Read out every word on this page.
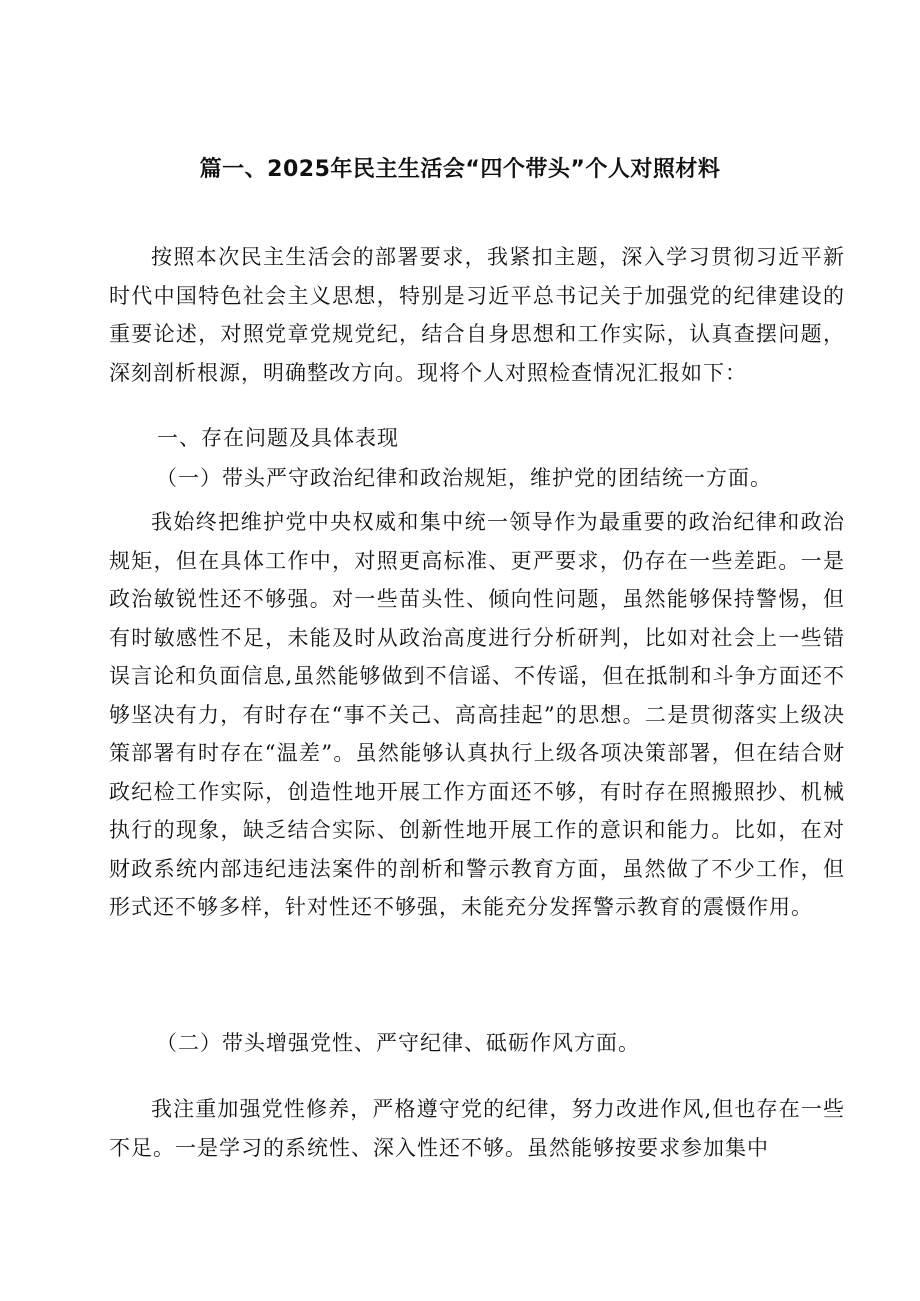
篇一、2025年民主生活会“四个带头”个人对照材料

按照本次民主生活会的部署要求，我紧扣主题，深入学习贯彻习近平新时代中国特色社会主义思想，特别是习近平总书记关于加强党的纪律建设的重要论述，对照党章党规党纪，结合自身思想和工作实际，认真查摆问题，深刻剖析根源，明确整改方向。现将个人对照检查情况汇报如下：

一、存在问题及具体表现

（一）带头严守政治纪律和政治规矩，维护党的团结统一方面。

我始终把维护党中央权威和集中统一领导作为最重要的政治纪律和政治规矩，但在具体工作中，对照更高标准、更严要求，仍存在一些差距。一是政治敏锐性还不够强。对一些苗头性、倾向性问题，虽然能够保持警惕，但有时敏感性不足，未能及时从政治高度进行分析研判，比如对社会上一些错误言论和负面信息,虽然能够做到不信谣、不传谣，但在抵制和斗争方面还不够坚决有力，有时存在“事不关己、高高挂起”的思想。二是贯彻落实上级决策部署有时存在“温差”。虽然能够认真执行上级各项决策部署，但在结合财政纪检工作实际，创造性地开展工作方面还不够，有时存在照搬照抄、机械执行的现象，缺乏结合实际、创新性地开展工作的意识和能力。比如，在对财政系统内部违纪违法案件的剖析和警示教育方面，虽然做了不少工作，但形式还不够多样，针对性还不够强，未能充分发挥警示教育的震慑作用。

（二）带头增强党性、严守纪律、砥砺作风方面。

我注重加强党性修养，严格遵守党的纪律，努力改进作风,但也存在一些不足。一是学习的系统性、深入性还不够。虽然能够按要求参加集中
